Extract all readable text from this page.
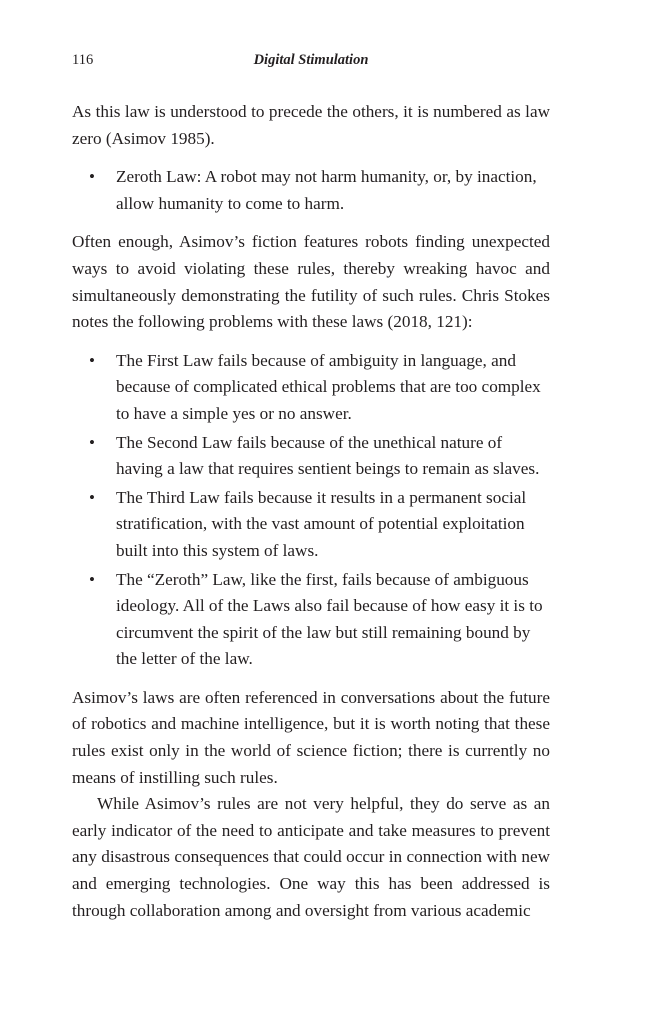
116	Digital Stimulation

As this law is understood to precede the others, it is numbered as law zero (Asimov 1985).

• Zeroth Law: A robot may not harm humanity, or, by inaction, allow humanity to come to harm.

Often enough, Asimov’s fiction features robots finding unexpected ways to avoid violating these rules, thereby wreaking havoc and simultaneously demonstrating the futility of such rules. Chris Stokes notes the following problems with these laws (2018, 121):

• The First Law fails because of ambiguity in language, and because of complicated ethical problems that are too complex to have a simple yes or no answer.
• The Second Law fails because of the unethical nature of having a law that requires sentient beings to remain as slaves.
• The Third Law fails because it results in a permanent social stratification, with the vast amount of potential exploitation built into this system of laws.
• The “Zeroth” Law, like the first, fails because of ambiguous ideology. All of the Laws also fail because of how easy it is to circumvent the spirit of the law but still remaining bound by the letter of the law.

Asimov’s laws are often referenced in conversations about the future of robotics and machine intelligence, but it is worth noting that these rules exist only in the world of science fiction; there is currently no means of instilling such rules.

While Asimov’s rules are not very helpful, they do serve as an early indicator of the need to anticipate and take measures to prevent any disastrous consequences that could occur in connection with new and emerging technologies. One way this has been addressed is through collaboration among and oversight from various academic
